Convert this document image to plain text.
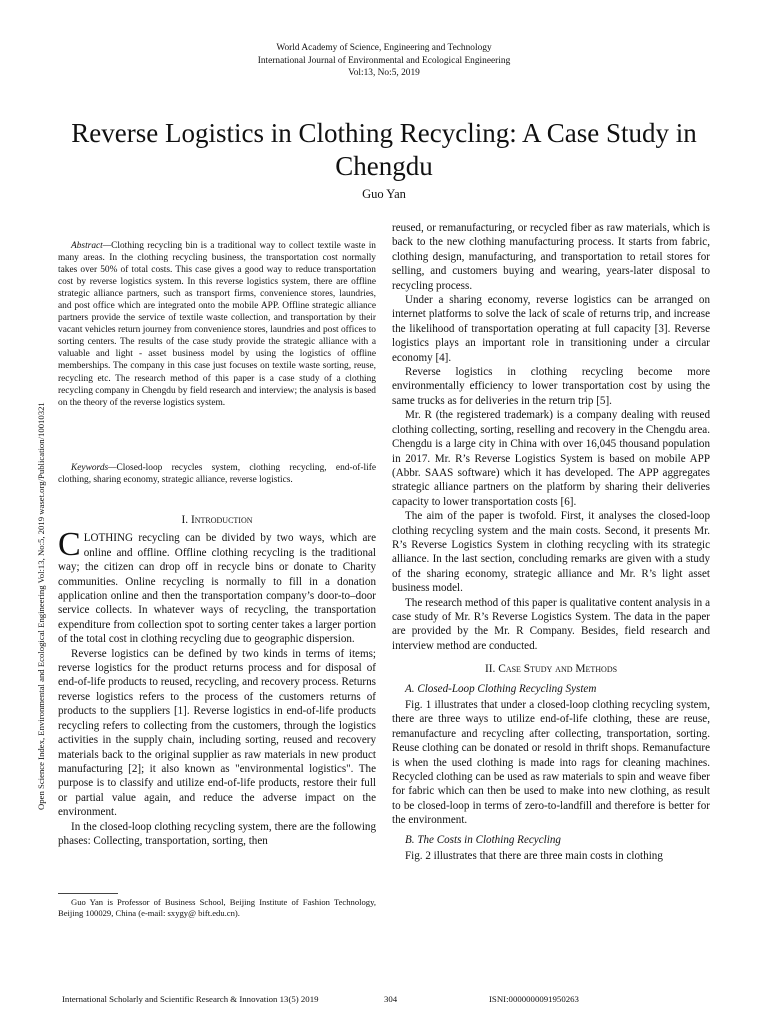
World Academy of Science, Engineering and Technology
International Journal of Environmental and Ecological Engineering
Vol:13, No:5, 2019
Reverse Logistics in Clothing Recycling: A Case Study in Chengdu
Guo Yan
Open Science Index, Environmental and Ecological Engineering Vol:13, No:5, 2019 waset.org/Publication/10010321

Abstract—Clothing recycling bin is a traditional way to collect textile waste in many areas. In the clothing recycling business, the transportation cost normally takes over 50% of total costs. This case gives a good way to reduce transportation cost by reverse logistics system. In this reverse logistics system, there are offline strategic alliance partners, such as transport firms, convenience stores, laundries, and post office which are integrated onto the mobile APP. Offline strategic alliance partners provide the service of textile waste collection, and transportation by their vacant vehicles return journey from convenience stores, laundries and post offices to sorting centers. The results of the case study provide the strategic alliance with a valuable and light - asset business model by using the logistics of offline memberships. The company in this case just focuses on textile waste sorting, reuse, recycling etc. The research method of this paper is a case study of a clothing recycling company in Chengdu by field research and interview; the analysis is based on the theory of the reverse logistics system.

Keywords—Closed-loop recycles system, clothing recycling, end-of-life clothing, sharing economy, strategic alliance, reverse logistics.

I. Introduction

CLOTHING recycling can be divided by two ways, which are online and offline. Offline clothing recycling is the traditional way; the citizen can drop off in recycle bins or donate to Charity communities. Online recycling is normally to fill in a donation application online and then the transportation company’s door-to–door service collects. In whatever ways of recycling, the transportation expenditure from collection spot to sorting center takes a larger portion of the total cost in clothing recycling due to geographic dispersion.

Reverse logistics can be defined by two kinds in terms of items; reverse logistics for the product returns process and for disposal of end-of-life products to reused, recycling, and recovery process. Returns reverse logistics refers to the process of the customers returns of products to the suppliers [1]. Reverse logistics in end-of-life products recycling refers to collecting from the customers, through the logistics activities in the supply chain, including sorting, reused and recovery materials back to the original supplier as raw materials in new product manufacturing [2]; it also known as "environmental logistics". The purpose is to classify and utilize end-of-life products, restore their full or partial value again, and reduce the adverse impact on the environment.

In the closed-loop clothing recycling system, there are the following phases: Collecting, transportation, sorting, then

Guo Yan is Professor of Business School, Beijing Institute of Fashion Technology, Beijing 100029, China (e-mail: sxygy@ bift.edu.cn).

reused, or remanufacturing, or recycled fiber as raw materials, which is back to the new clothing manufacturing process. It starts from fabric, clothing design, manufacturing, and transportation to retail stores for selling, and customers buying and wearing, years-later disposal to recycling process.

Under a sharing economy, reverse logistics can be arranged on internet platforms to solve the lack of scale of returns trip, and increase the likelihood of transportation operating at full capacity [3]. Reverse logistics plays an important role in transitioning under a circular economy [4].

Reverse logistics in clothing recycling become more environmentally efficiency to lower transportation cost by using the same trucks as for deliveries in the return trip [5].

Mr. R (the registered trademark) is a company dealing with reused clothing collecting, sorting, reselling and recovery in the Chengdu area. Chengdu is a large city in China with over 16,045 thousand population in 2017. Mr. R’s Reverse Logistics System is based on mobile APP (Abbr. SAAS software) which it has developed. The APP aggregates strategic alliance partners on the platform by sharing their deliveries capacity to lower transportation costs [6].

The aim of the paper is twofold. First, it analyses the closed-loop clothing recycling system and the main costs. Second, it presents Mr. R’s Reverse Logistics System in clothing recycling with its strategic alliance. In the last section, concluding remarks are given with a study of the sharing economy, strategic alliance and Mr. R’s light asset business model.

The research method of this paper is qualitative content analysis in a case study of Mr. R’s Reverse Logistics System. The data in the paper are provided by the Mr. R Company. Besides, field research and interview method are conducted.

II. Case Study and Methods
A. Closed-Loop Clothing Recycling System

Fig. 1 illustrates that under a closed-loop clothing recycling system, there are three ways to utilize end-of-life clothing, these are reuse, remanufacture and recycling after collecting, transportation, sorting. Reuse clothing can be donated or resold in thrift shops. Remanufacture is when the used clothing is made into rags for cleaning machines. Recycled clothing can be used as raw materials to spin and weave fiber for fabric which can then be used to make into new clothing, as result to be closed-loop in terms of zero-to-landfill and therefore is better for the environment.

B. The Costs in Clothing Recycling

Fig. 2 illustrates that there are three main costs in clothing

International Scholarly and Scientific Research & Innovation 13(5) 2019	304	ISNI:0000000091950263
